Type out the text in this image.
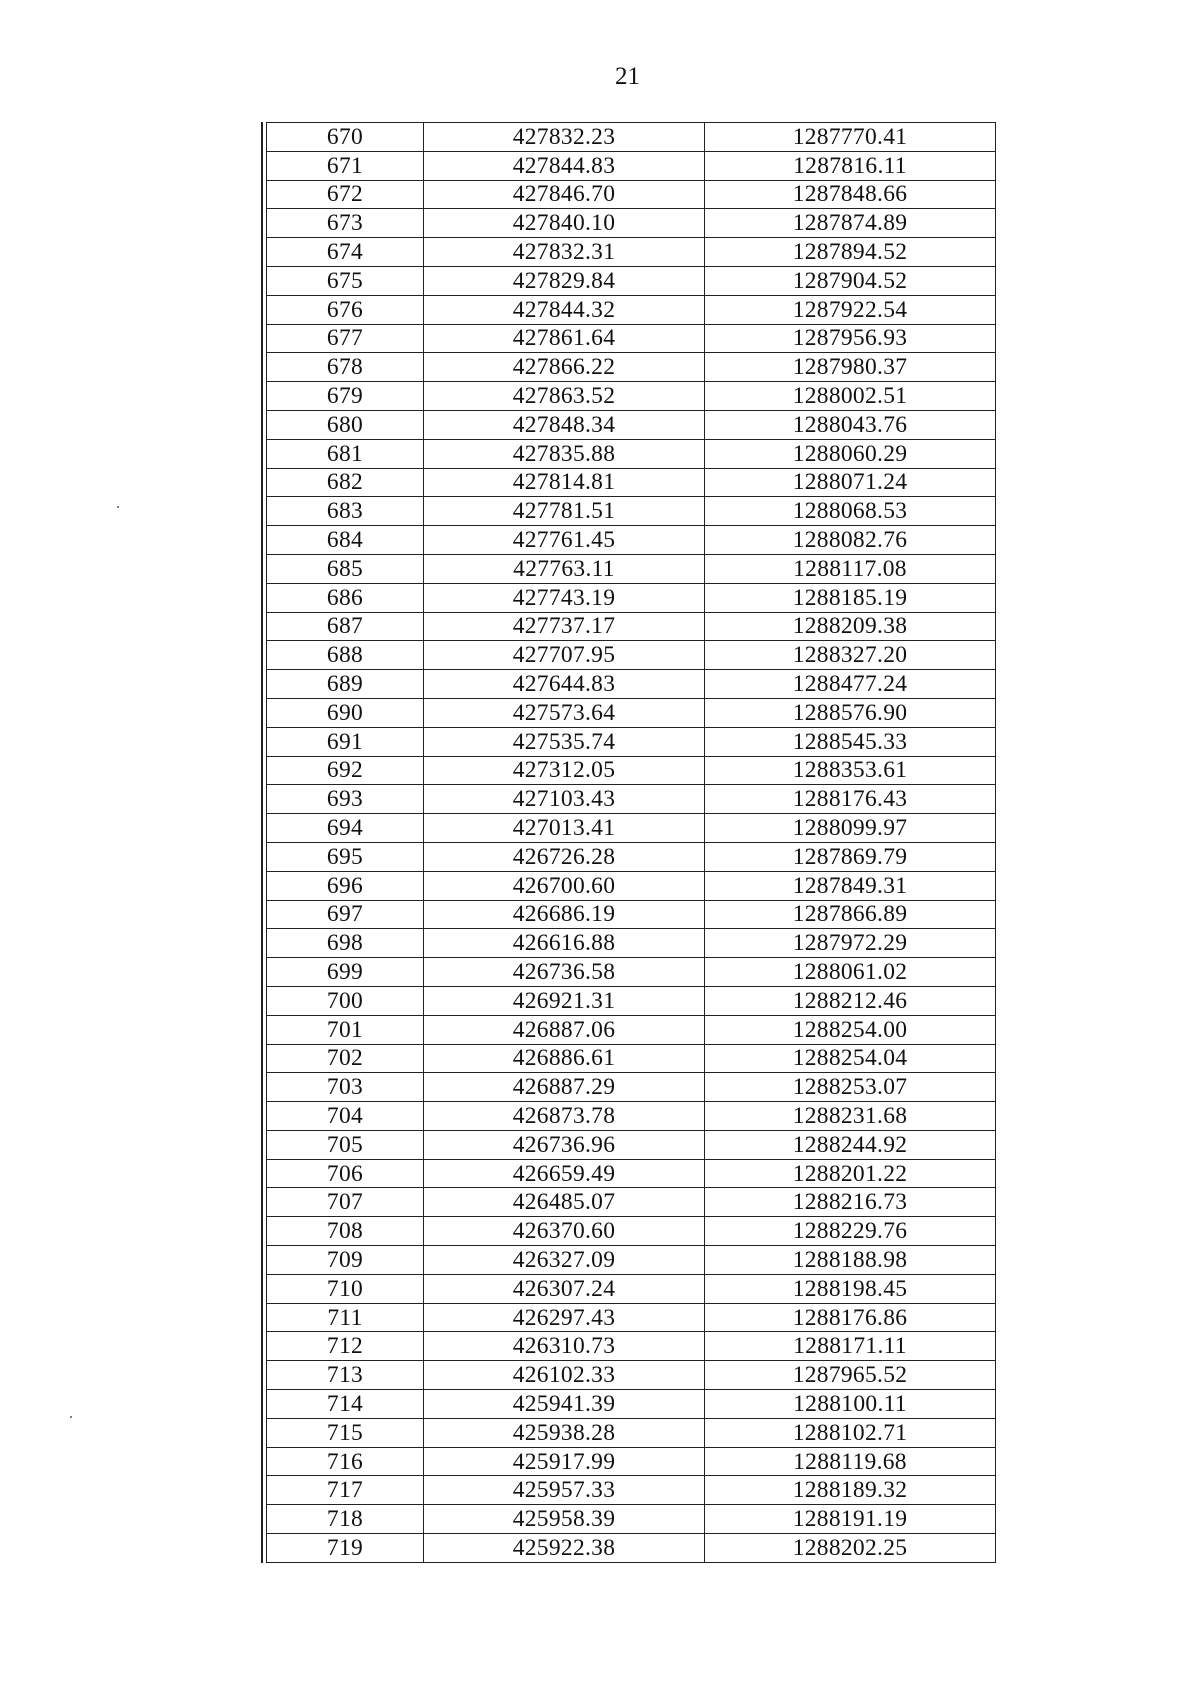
21
670	427832.23	1287770.41
671	427844.83	1287816.11
672	427846.70	1287848.66
673	427840.10	1287874.89
674	427832.31	1287894.52
675	427829.84	1287904.52
676	427844.32	1287922.54
677	427861.64	1287956.93
678	427866.22	1287980.37
679	427863.52	1288002.51
680	427848.34	1288043.76
681	427835.88	1288060.29
682	427814.81	1288071.24
683	427781.51	1288068.53
684	427761.45	1288082.76
685	427763.11	1288117.08
686	427743.19	1288185.19
687	427737.17	1288209.38
688	427707.95	1288327.20
689	427644.83	1288477.24
690	427573.64	1288576.90
691	427535.74	1288545.33
692	427312.05	1288353.61
693	427103.43	1288176.43
694	427013.41	1288099.97
695	426726.28	1287869.79
696	426700.60	1287849.31
697	426686.19	1287866.89
698	426616.88	1287972.29
699	426736.58	1288061.02
700	426921.31	1288212.46
701	426887.06	1288254.00
702	426886.61	1288254.04
703	426887.29	1288253.07
704	426873.78	1288231.68
705	426736.96	1288244.92
706	426659.49	1288201.22
707	426485.07	1288216.73
708	426370.60	1288229.76
709	426327.09	1288188.98
710	426307.24	1288198.45
711	426297.43	1288176.86
712	426310.73	1288171.11
713	426102.33	1287965.52
714	425941.39	1288100.11
715	425938.28	1288102.71
716	425917.99	1288119.68
717	425957.33	1288189.32
718	425958.39	1288191.19
719	425922.38	1288202.25
